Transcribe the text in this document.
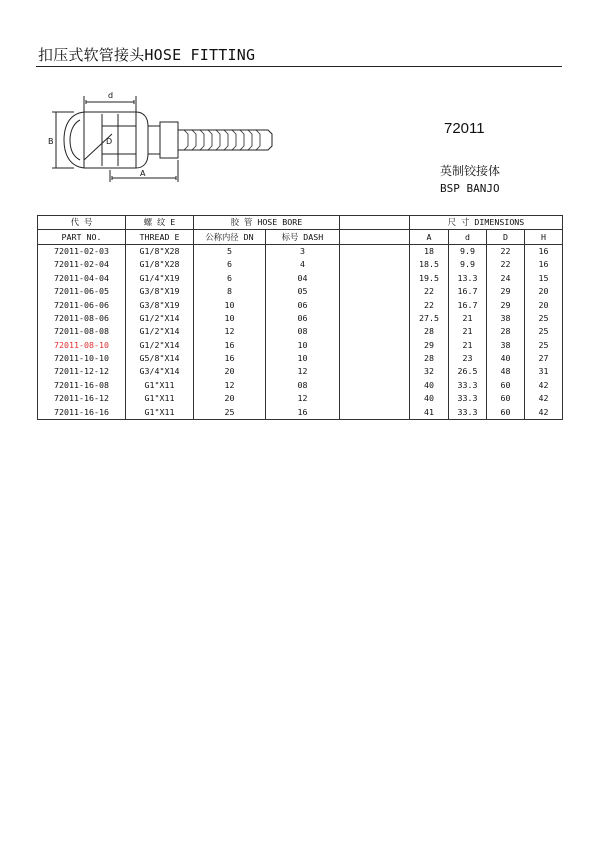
扣压式软管接头HOSE FITTING
d
D
B
A
72011
英制铰接体
BSP BANJO
代 号	螺 纹 E	胶 管 HOSE BORE			尺 寸 DIMENSIONS			
PART NO.	THREAD E	公称内径 DN	标号 DASH		A	d	D	H
72011-02-03	G1/8"X28	5	3		18	9.9	22	16
72011-02-04	G1/8"X28	6	4		18.5	9.9	22	16
72011-04-04	G1/4"X19	6	04		19.5	13.3	24	15
72011-06-05	G3/8"X19	8	05		22	16.7	29	20
72011-06-06	G3/8"X19	10	06		22	16.7	29	20
72011-08-06	G1/2"X14	10	06		27.5	21	38	25
72011-08-08	G1/2"X14	12	08		28	21	28	25
72011-08-10	G1/2"X14	16	10		29	21	38	25
72011-10-10	G5/8"X14	16	10		28	23	40	27
72011-12-12	G3/4"X14	20	12		32	26.5	48	31
72011-16-08	G1"X11	12	08		40	33.3	60	42
72011-16-12	G1"X11	20	12		40	33.3	60	42
72011-16-16	G1"X11	25	16		41	33.3	60	42
